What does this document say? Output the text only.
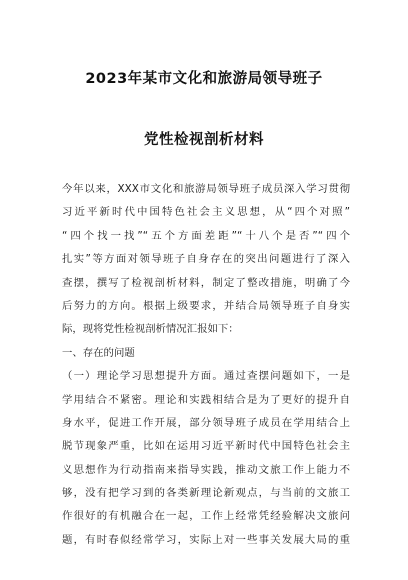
2023年某市文化和旅游局领导班子
党性检视剖析材料
今年以来，XXX市文化和旅游局领导班子成员深入学习贯彻
习近平新时代中国特色社会主义思想，从“四个对照”
“四个找一找”“五个方面差距”“十八个是否”“四个
扎实”等方面对领导班子自身存在的突出问题进行了深入
查摆，撰写了检视剖析材料，制定了整改措施，明确了今
后努力的方向。根据上级要求，并结合局领导班子自身实
际，现将党性检视剖析情况汇报如下：
一、存在的问题
（一）理论学习思想提升方面。通过查摆问题如下，一是
学用结合不紧密。理论和实践相结合是为了更好的提升自
身水平，促进工作开展，部分领导班子成员在学用结合上
脱节现象严重，比如在运用习近平新时代中国特色社会主
义思想作为行动指南来指导实践，推动文旅工作上能力不
够，没有把学习到的各类新理论新观点，与当前的文旅工
作很好的有机融合在一起，工作上经常凭经验解决文旅问
题，有时春似经常学习，实际上对一些事关发展大局的重
